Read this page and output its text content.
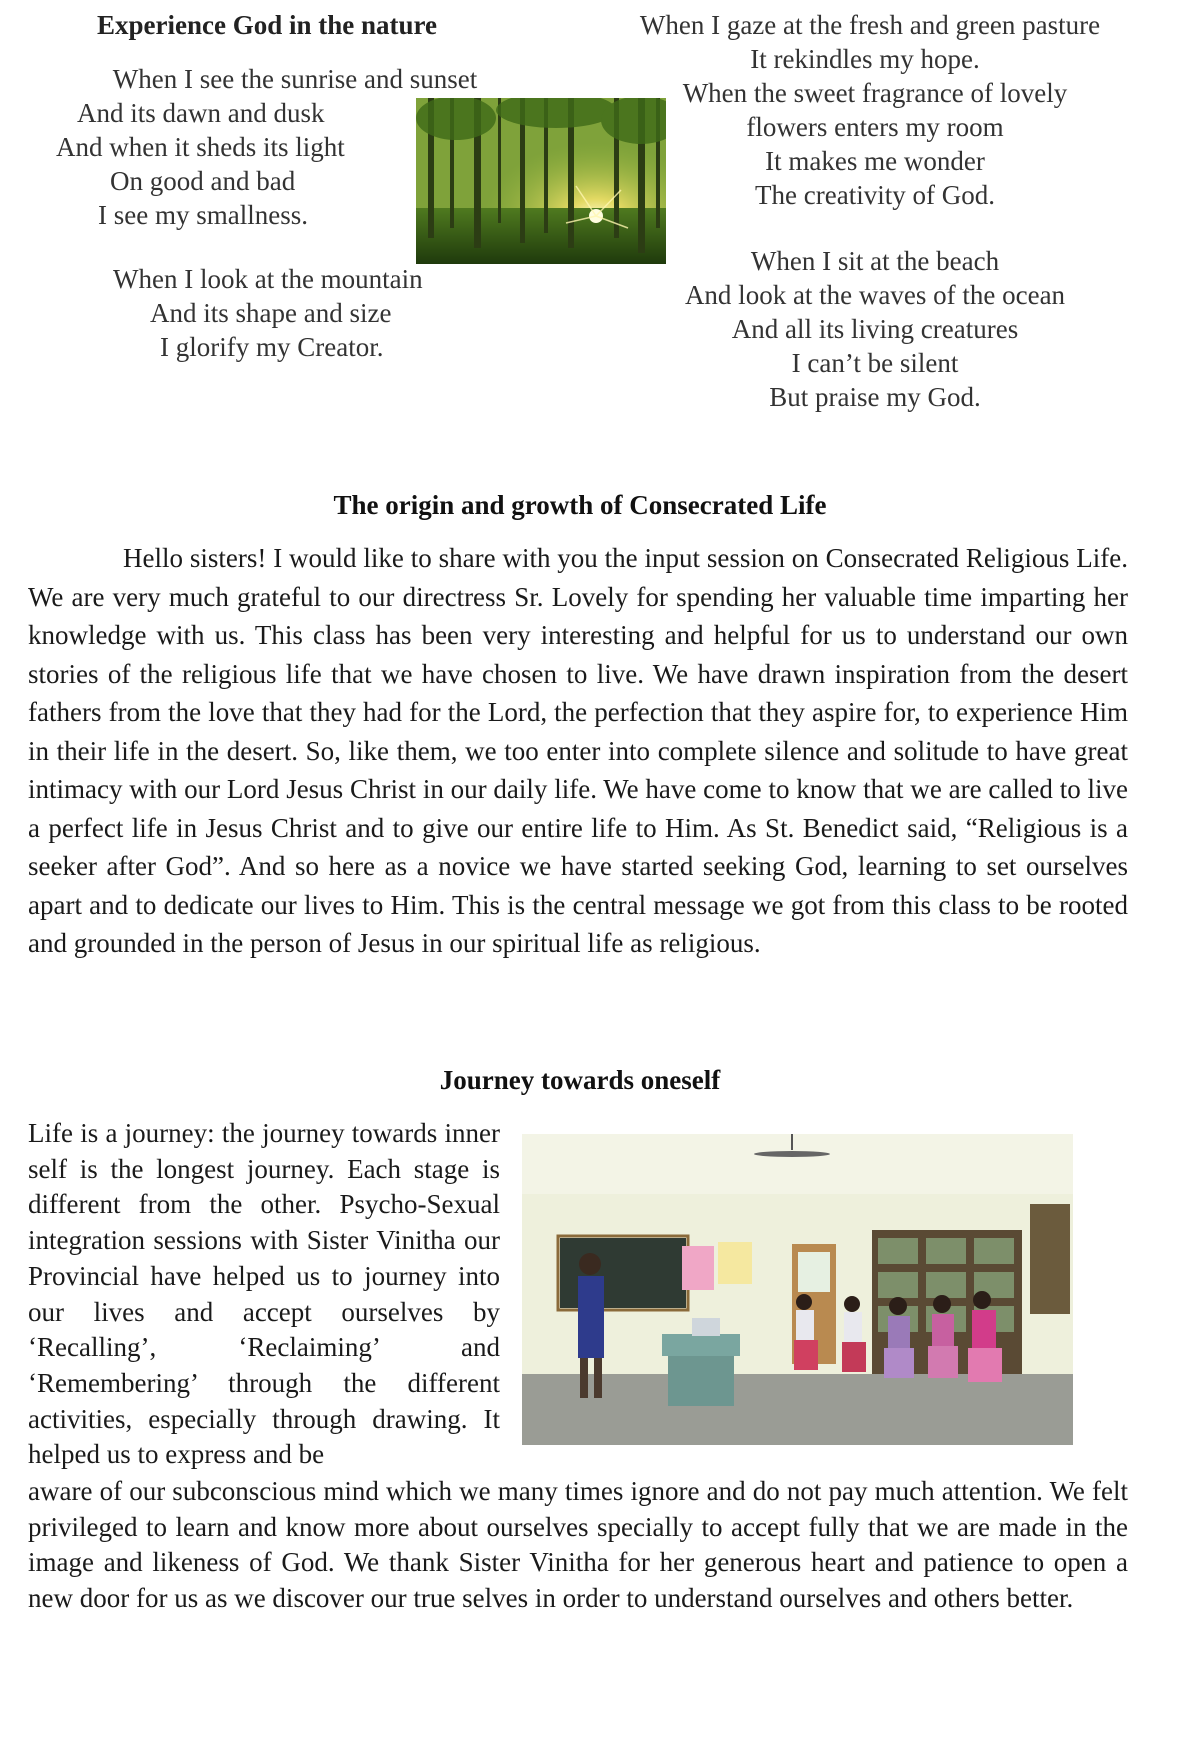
Experience God in the nature
When I see the sunrise and sunset
And its dawn and dusk
And when it sheds its light
On good and bad
I see my smallness.
When I look at the mountain
And its shape and size
I glorify my Creator.
When I gaze at the fresh and green pasture
It rekindles my hope.
When the sweet fragrance of lovely
flowers enters my room
It makes me wonder
The creativity of God.
When I sit at the beach
And look at the waves of the ocean
And all its living creatures
I can’t be silent
But praise my God.
The origin and growth of Consecrated Life
Hello sisters! I would like to share with you the input session on Consecrated Religious Life. We are very much grateful to our directress Sr. Lovely for spending her valuable time imparting her knowledge with us. This class has been very interesting and helpful for us to understand our own stories of the religious life that we have chosen to live. We have drawn inspiration from the desert fathers from the love that they had for the Lord, the perfection that they aspire for, to experience Him in their life in the desert. So, like them, we too enter into complete silence and solitude to have great intimacy with our Lord Jesus Christ in our daily life. We have come to know that we are called to live a perfect life in Jesus Christ and to give our entire life to Him. As St. Benedict said, “Religious is a seeker after God”. And so here as a novice we have started seeking God, learning to set ourselves apart and to dedicate our lives to Him. This is the central message we got from this class to be rooted and grounded in the person of Jesus in our spiritual life as religious.
Journey towards oneself
Life is a journey: the journey towards inner self is the longest journey. Each stage is different from the other. Psycho-Sexual integration sessions with Sister Vinitha our Provincial have helped us to journey into our lives and accept ourselves by ‘Recalling’, ‘Reclaiming’ and ‘Remembering’ through the different activities, especially through drawing. It helped us to express and be
aware of our subconscious mind which we many times ignore and do not pay much attention. We felt privileged to learn and know more about ourselves specially to accept fully that we are made in the image and likeness of God. We thank Sister Vinitha for her generous heart and patience to open a new door for us as we discover our true selves in order to understand ourselves and others better.
